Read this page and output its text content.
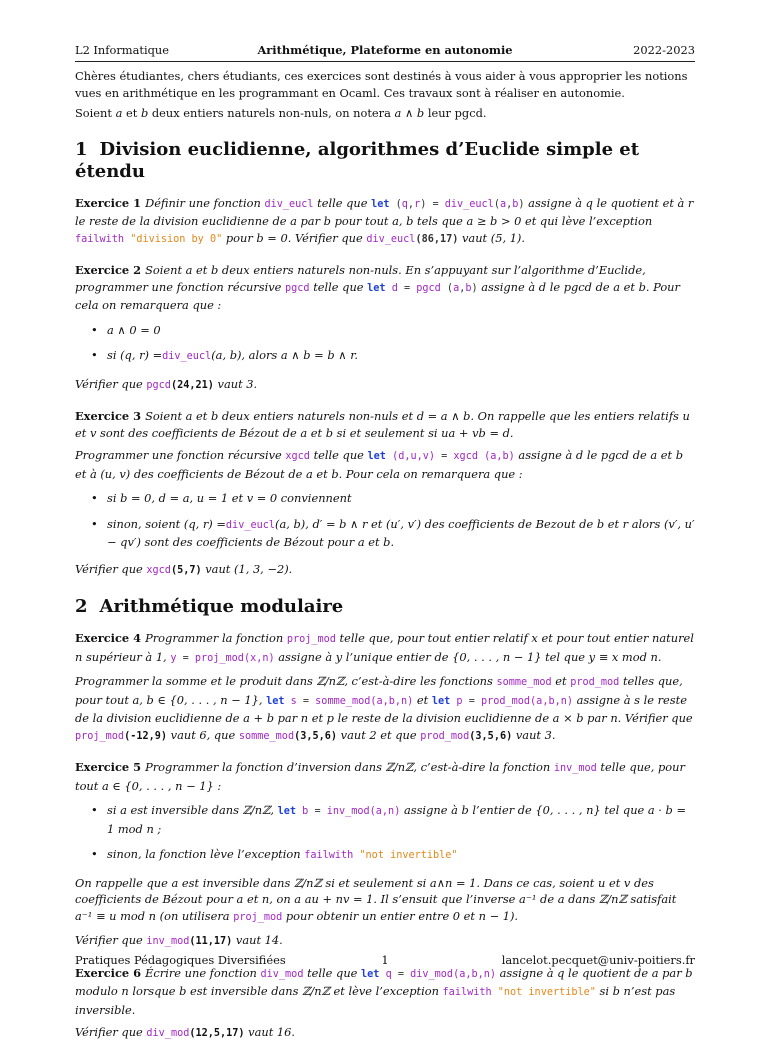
L2 Informatique	Arithmétique, Plateforme en autonomie	2022-2023

Chères étudiantes, chers étudiants, ces exercices sont destinés à vous aider à vous approprier les notions vues en arithmétique en les programmant en Ocaml. Ces travaux sont à réaliser en autonomie.

Soient a et b deux entiers naturels non-nuls, on notera a ∧ b leur pgcd.

1 Division euclidienne, algorithmes d’Euclide simple et étendu

Exercice 1 Définir une fonction div_eucl telle que let (q,r) = div_eucl(a,b) assigne à q le quotient et à r le reste de la division euclidienne de a par b pour tout a, b tels que a ≥ b > 0 et qui lève l’exception failwith "division by 0" pour b = 0. Vérifier que div_eucl(86,17) vaut (5, 1).

Exercice 2 Soient a et b deux entiers naturels non-nuls. En s’appuyant sur l’algorithme d’Euclide, programmer une fonction récursive pgcd telle que let d = pgcd (a,b) assigne à d le pgcd de a et b. Pour cela on remarquera que :

• a ∧ 0 = 0
• si (q, r) =div_eucl(a, b), alors a ∧ b = b ∧ r.

Vérifier que pgcd(24,21) vaut 3.

Exercice 3 Soient a et b deux entiers naturels non-nuls et d = a ∧ b. On rappelle que les entiers relatifs u et v sont des coefficients de Bézout de a et b si et seulement si ua + vb = d.

Programmer une fonction récursive xgcd telle que let (d,u,v) = xgcd (a,b) assigne à d le pgcd de a et b et à (u, v) des coefficients de Bézout de a et b. Pour cela on remarquera que :

• si b = 0, d = a, u = 1 et v = 0 conviennent
• sinon, soient (q, r) =div_eucl(a, b), d′ = b ∧ r et (u′, v′) des coefficients de Bezout de b et r alors (v′, u′ − qv′) sont des coefficients de Bézout pour a et b.

Vérifier que xgcd(5,7) vaut (1, 3, −2).

2 Arithmétique modulaire

Exercice 4 Programmer la fonction proj_mod telle que, pour tout entier relatif x et pour tout entier naturel n supérieur à 1, y = proj_mod(x,n) assigne à y l’unique entier de {0, . . . , n − 1} tel que y ≡ x mod n.

Programmer la somme et le produit dans ℤ/nℤ, c’est-à-dire les fonctions somme_mod et prod_mod telles que, pour tout a, b ∈ {0, . . . , n − 1}, let s = somme_mod(a,b,n) et let p = prod_mod(a,b,n) assigne à s le reste de la division euclidienne de a + b par n et p le reste de la division euclidienne de a × b par n. Vérifier que proj_mod(-12,9) vaut 6, que somme_mod(3,5,6) vaut 2 et que prod_mod(3,5,6) vaut 3.

Exercice 5 Programmer la fonction d’inversion dans ℤ/nℤ, c’est-à-dire la fonction inv_mod telle que, pour tout a ∈ {0, . . . , n − 1} :

• si a est inversible dans ℤ/nℤ, let b = inv_mod(a,n) assigne à b l’entier de {0, . . . , n} tel que a · b = 1 mod n ;
• sinon, la fonction lève l’exception failwith "not invertible"

On rappelle que a est inversible dans ℤ/nℤ si et seulement si a∧n = 1. Dans ce cas, soient u et v des coefficients de Bézout pour a et n, on a au + nv = 1. Il s’ensuit que l’inverse a⁻¹ de a dans ℤ/nℤ satisfait a⁻¹ ≡ u mod n (on utilisera proj_mod pour obtenir un entier entre 0 et n − 1).

Vérifier que inv_mod(11,17) vaut 14.

Exercice 6 Écrire une fonction div_mod telle que let q = div_mod(a,b,n) assigne à q le quotient de a par b modulo n lorsque b est inversible dans ℤ/nℤ et lève l’exception failwith "not invertible" si b n’est pas inversible.

Vérifier que div_mod(12,5,17) vaut 16.

Pratiques Pédagogiques Diversifiées	1	lancelot.pecquet@univ-poitiers.fr
